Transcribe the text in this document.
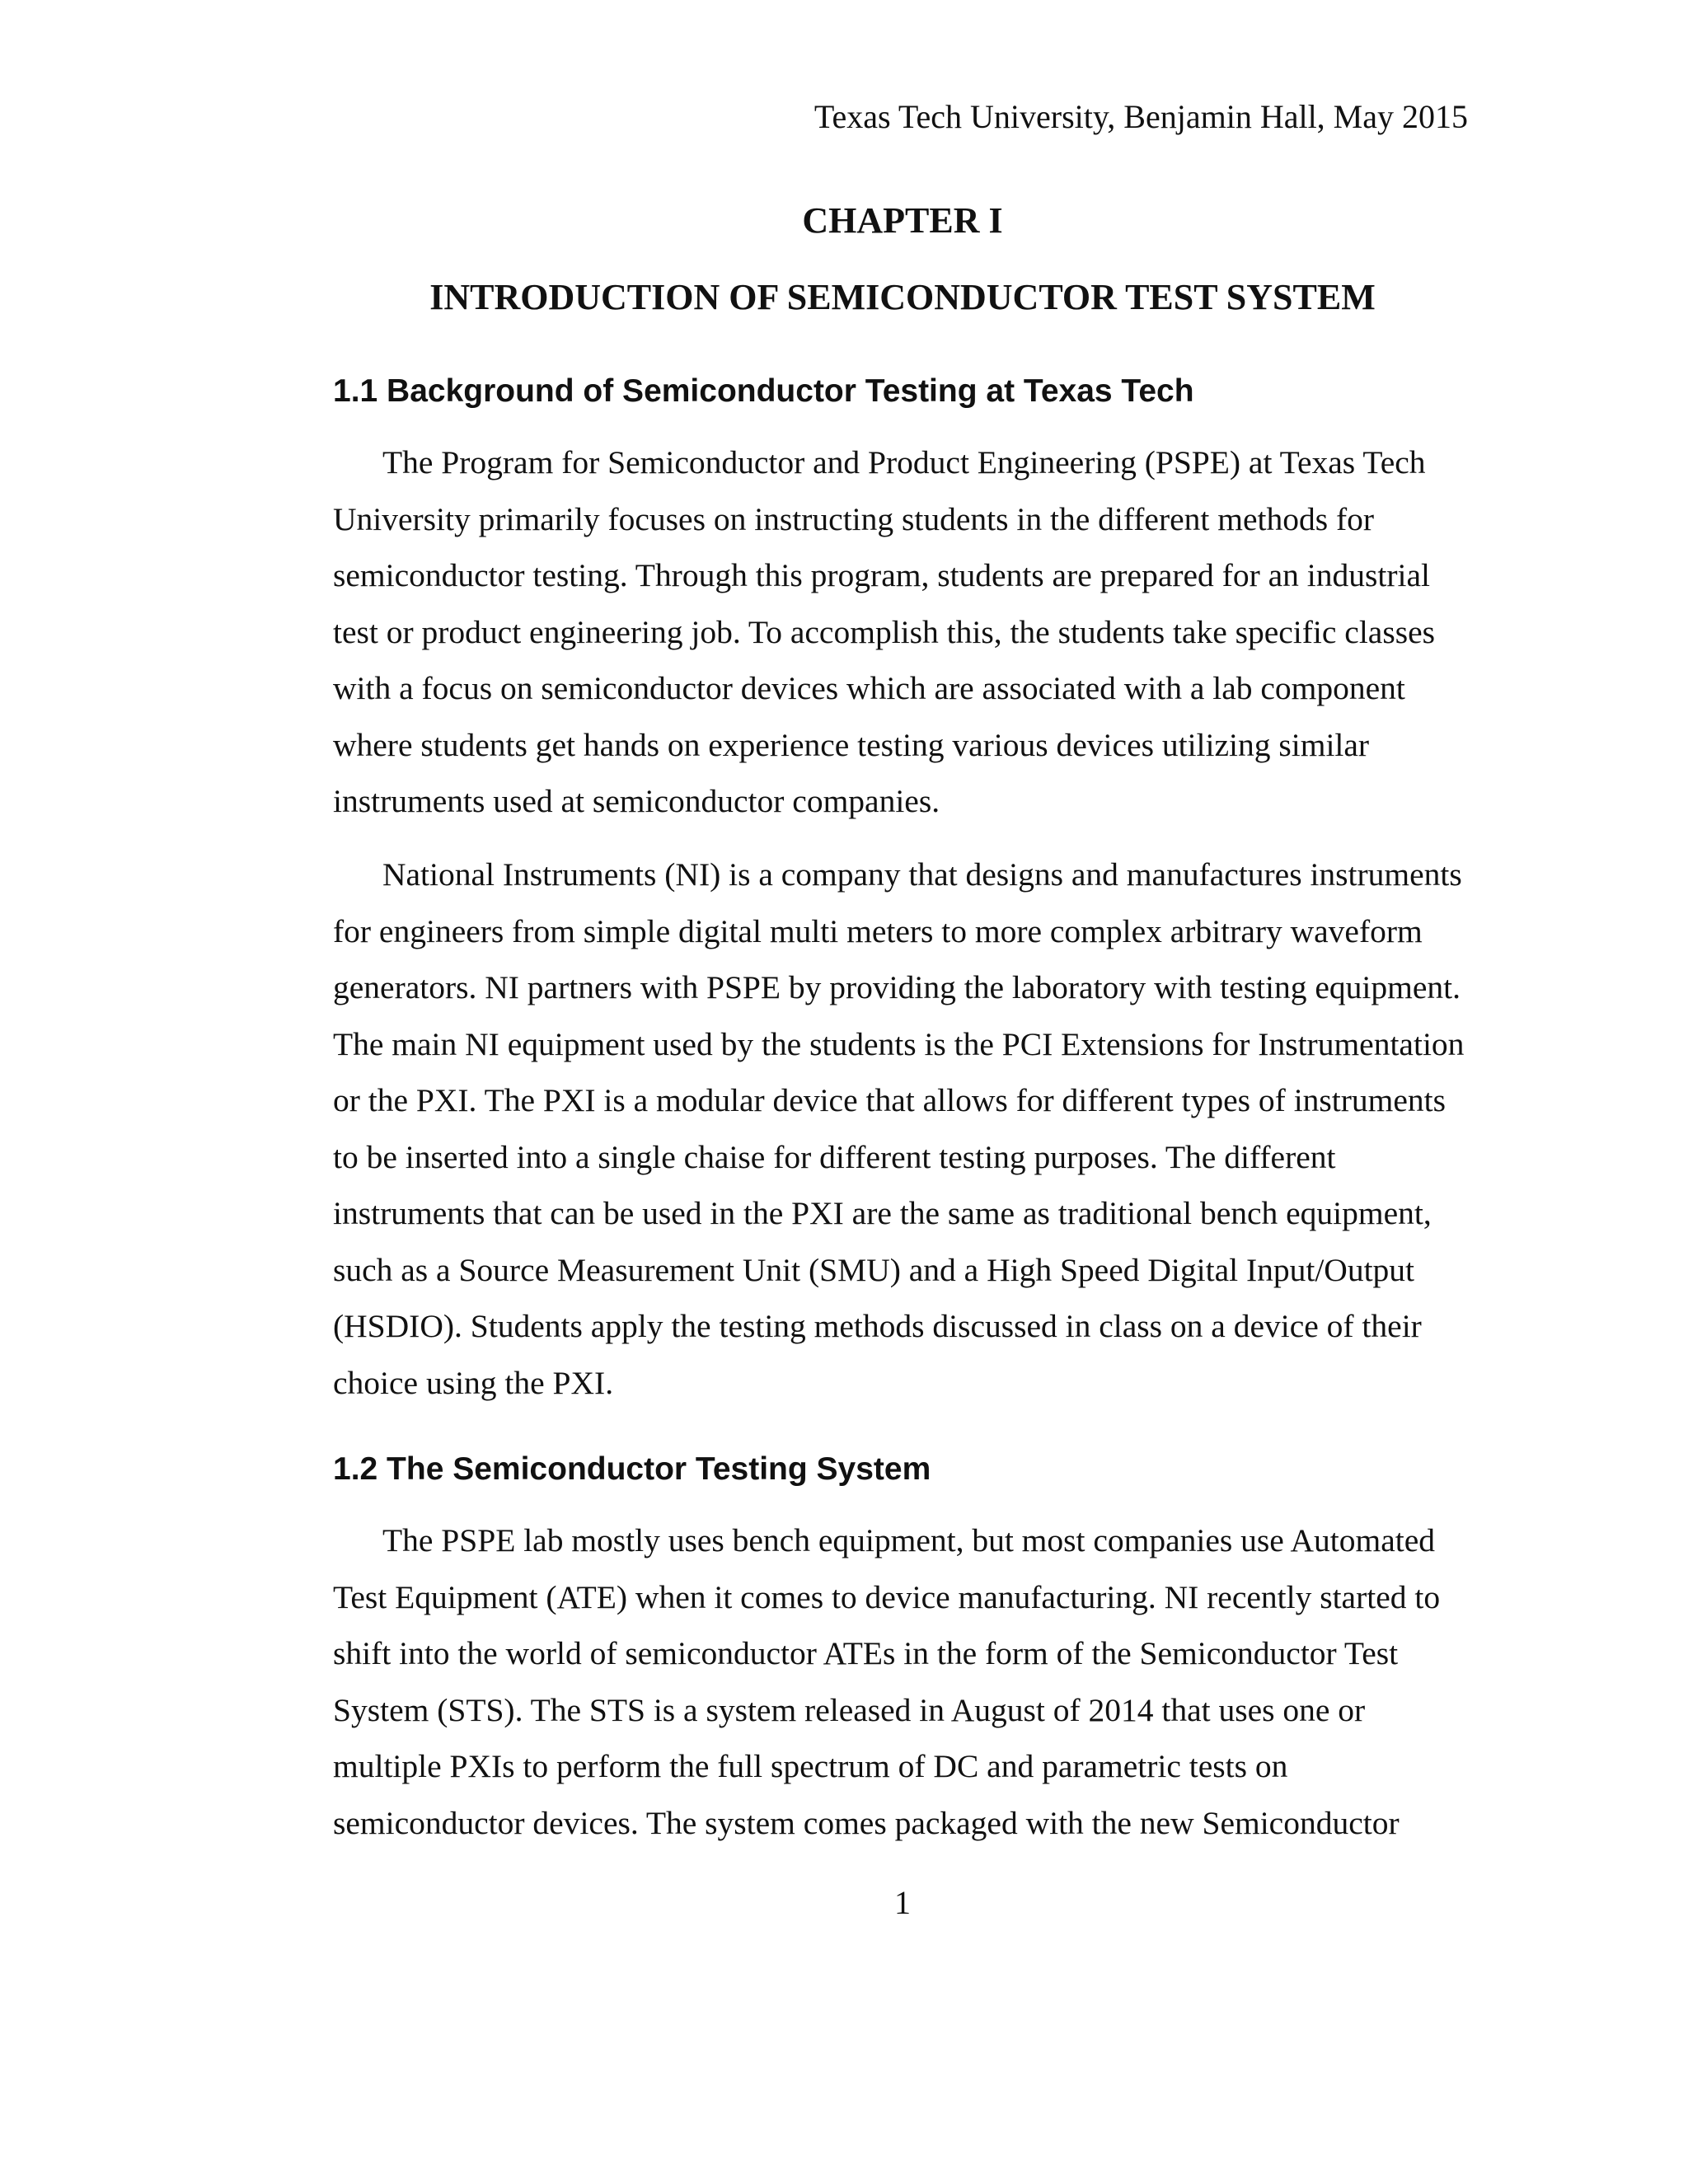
Texas Tech University, Benjamin Hall, May 2015
CHAPTER I
INTRODUCTION OF SEMICONDUCTOR TEST SYSTEM
1.1 Background of Semiconductor Testing at Texas Tech
The Program for Semiconductor and Product Engineering (PSPE) at Texas Tech
University primarily focuses on instructing students in the different methods for
semiconductor testing. Through this program, students are prepared for an industrial
test or product engineering job. To accomplish this, the students take specific classes
with a focus on semiconductor devices which are associated with a lab component
where students get hands on experience testing various devices utilizing similar
instruments used at semiconductor companies.
National Instruments (NI) is a company that designs and manufactures instruments
for engineers from simple digital multi meters to more complex arbitrary waveform
generators. NI partners with PSPE by providing the laboratory with testing equipment.
The main NI equipment used by the students is the PCI Extensions for Instrumentation
or the PXI. The PXI is a modular device that allows for different types of instruments
to be inserted into a single chaise for different testing purposes. The different
instruments that can be used in the PXI are the same as traditional bench equipment,
such as a Source Measurement Unit (SMU) and a High Speed Digital Input/Output
(HSDIO). Students apply the testing methods discussed in class on a device of their
choice using the PXI.
1.2 The Semiconductor Testing System
The PSPE lab mostly uses bench equipment, but most companies use Automated
Test Equipment (ATE) when it comes to device manufacturing. NI recently started to
shift into the world of semiconductor ATEs in the form of the Semiconductor Test
System (STS). The STS is a system released in August of 2014 that uses one or
multiple PXIs to perform the full spectrum of DC and parametric tests on
semiconductor devices. The system comes packaged with the new Semiconductor
1
